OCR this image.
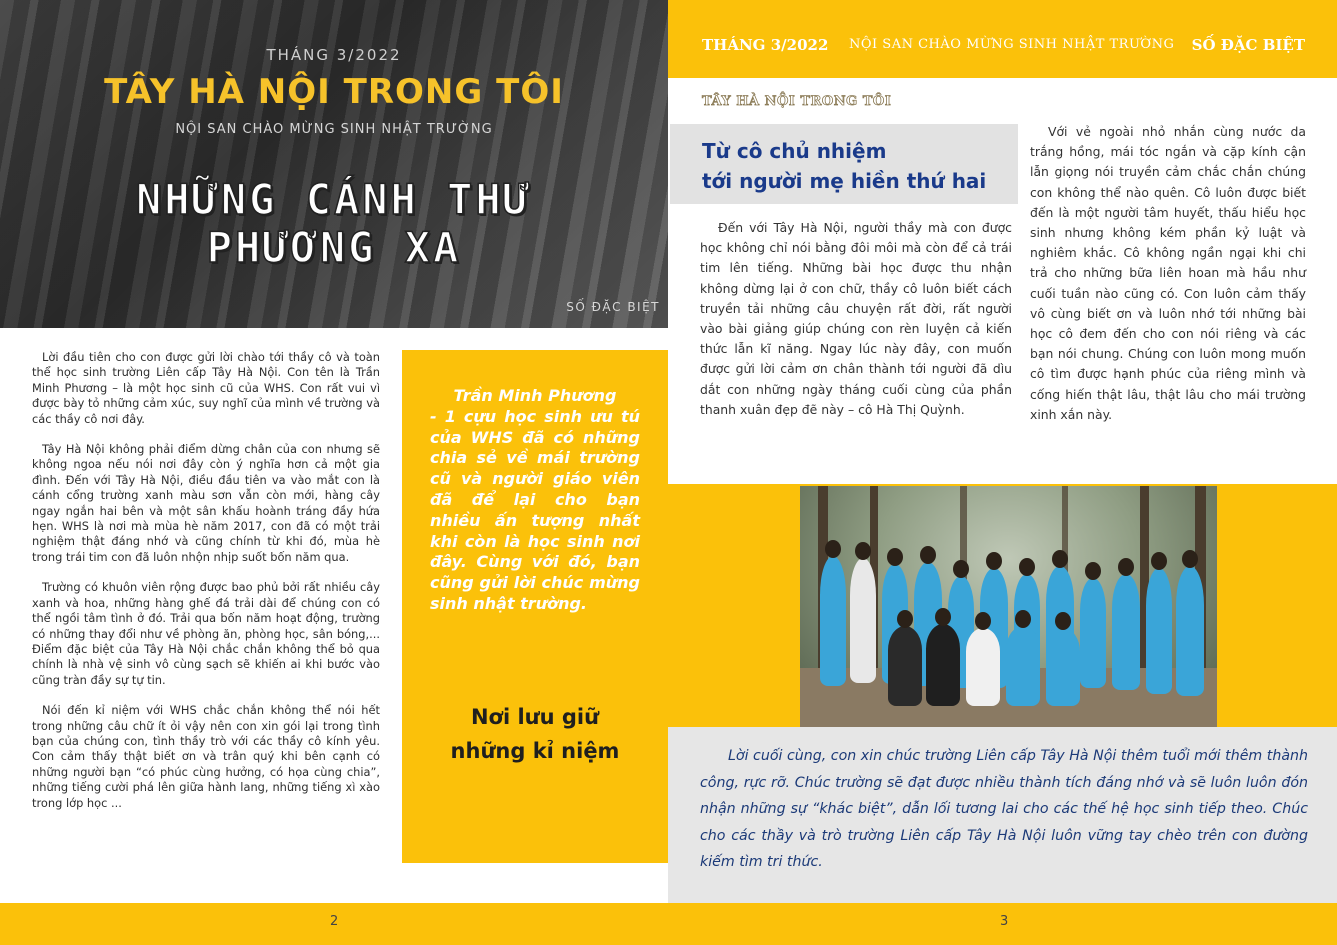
THÁNG 3/2022
TÂY HÀ NỘI TRONG TÔI
NỘI SAN CHÀO MỪNG SINH NHẬT TRƯỜNG
NHỮNG CÁNH THƯ
PHƯƠNG XA
SỐ ĐẶC BIỆT

Lời đầu tiên cho con được gửi lời chào tới thầy cô và toàn thể học sinh trường Liên cấp Tây Hà Nội. Con tên là Trần Minh Phương – là một học sinh cũ của WHS. Con rất vui vì được bày tỏ những cảm xúc, suy nghĩ của mình về trường và các thầy cô nơi đây.

Tây Hà Nội không phải điểm dừng chân của con nhưng sẽ không ngoa nếu nói nơi đây còn ý nghĩa hơn cả một gia đình. Đến với Tây Hà Nội, điều đầu tiên va vào mắt con là cánh cổng trường xanh màu sơn vẫn còn mới, hàng cây ngay ngắn hai bên và một sân khấu hoành tráng đầy hứa hẹn. WHS là nơi mà mùa hè năm 2017, con đã có một trải nghiệm thật đáng nhớ và cũng chính từ khi đó, mùa hè trong trái tim con đã luôn nhộn nhịp suốt bốn năm qua.

Trường có khuôn viên rộng được bao phủ bởi rất nhiều cây xanh và hoa, những hàng ghế đá trải dài để chúng con có thể ngồi tâm tình ở đó. Trải qua bốn năm hoạt động, trường có những thay đổi như về phòng ăn, phòng học, sân bóng,... Điểm đặc biệt của Tây Hà Nội chắc chắn không thể bỏ qua chính là nhà vệ sinh vô cùng sạch sẽ khiến ai khi bước vào cũng tràn đầy sự tự tin.

Nói đến kỉ niệm với WHS chắc chắn không thể nói hết trong những câu chữ ít ỏi vậy nên con xin gói lại trong tình bạn của chúng con, tình thầy trò với các thầy cô kính yêu. Con cảm thấy thật biết ơn và trân quý khi bên cạnh có những người bạn “có phúc cùng hưởng, có họa cùng chia”, những tiếng cười phá lên giữa hành lang, những tiếng xì xào trong lớp học ...

Trần Minh Phương
- 1 cựu học sinh ưu tú của WHS đã có những chia sẻ về mái trường cũ và người giáo viên đã để lại cho bạn nhiều ấn tượng nhất khi còn là học sinh nơi đây. Cùng với đó, bạn cũng gửi lời chúc mừng sinh nhật trường.
Nơi lưu giữ
những kỉ niệm
2
THÁNG 3/2022 NỘI SAN CHÀO MỪNG SINH NHẬT TRƯỜNG SỐ ĐẶC BIỆT
TÂY HÀ NỘI TRONG TÔI
Từ cô chủ nhiệm
tới người mẹ hiền thứ hai
Đến với Tây Hà Nội, người thầy mà con được học không chỉ nói bằng đôi môi mà còn để cả trái tim lên tiếng. Những bài học được thu nhận không dừng lại ở con chữ, thầy cô luôn biết cách truyền tải những câu chuyện rất đời, rất người vào bài giảng giúp chúng con rèn luyện cả kiến thức lẫn kĩ năng. Ngay lúc này đây, con muốn được gửi lời cảm ơn chân thành tới người đã dìu dắt con những ngày tháng cuối cùng của phần thanh xuân đẹp đẽ này – cô Hà Thị Quỳnh.
Với vẻ ngoài nhỏ nhắn cùng nước da trắng hồng, mái tóc ngắn và cặp kính cận lẫn giọng nói truyền cảm chắc chắn chúng con không thể nào quên. Cô luôn được biết đến là một người tâm huyết, thấu hiểu học sinh nhưng không kém phần kỷ luật và nghiêm khắc. Cô không ngần ngại khi chi trả cho những bữa liên hoan mà hầu như cuối tuần nào cũng có. Con luôn cảm thấy vô cùng biết ơn và luôn nhớ tới những bài học cô đem đến cho con nói riêng và các bạn nói chung. Chúng con luôn mong muốn cô tìm được hạnh phúc của riêng mình và cống hiến thật lâu, thật lâu cho mái trường xinh xắn này.
Lời cuối cùng, con xin chúc trường Liên cấp Tây Hà Nội thêm tuổi mới thêm thành công, rực rỡ. Chúc trường sẽ đạt được nhiều thành tích đáng nhớ và sẽ luôn luôn đón nhận những sự “khác biệt”, dẫn lối tương lai cho các thế hệ học sinh tiếp theo. Chúc cho các thầy và trò trường Liên cấp Tây Hà Nội luôn vững tay chèo trên con đường kiếm tìm tri thức.
3
